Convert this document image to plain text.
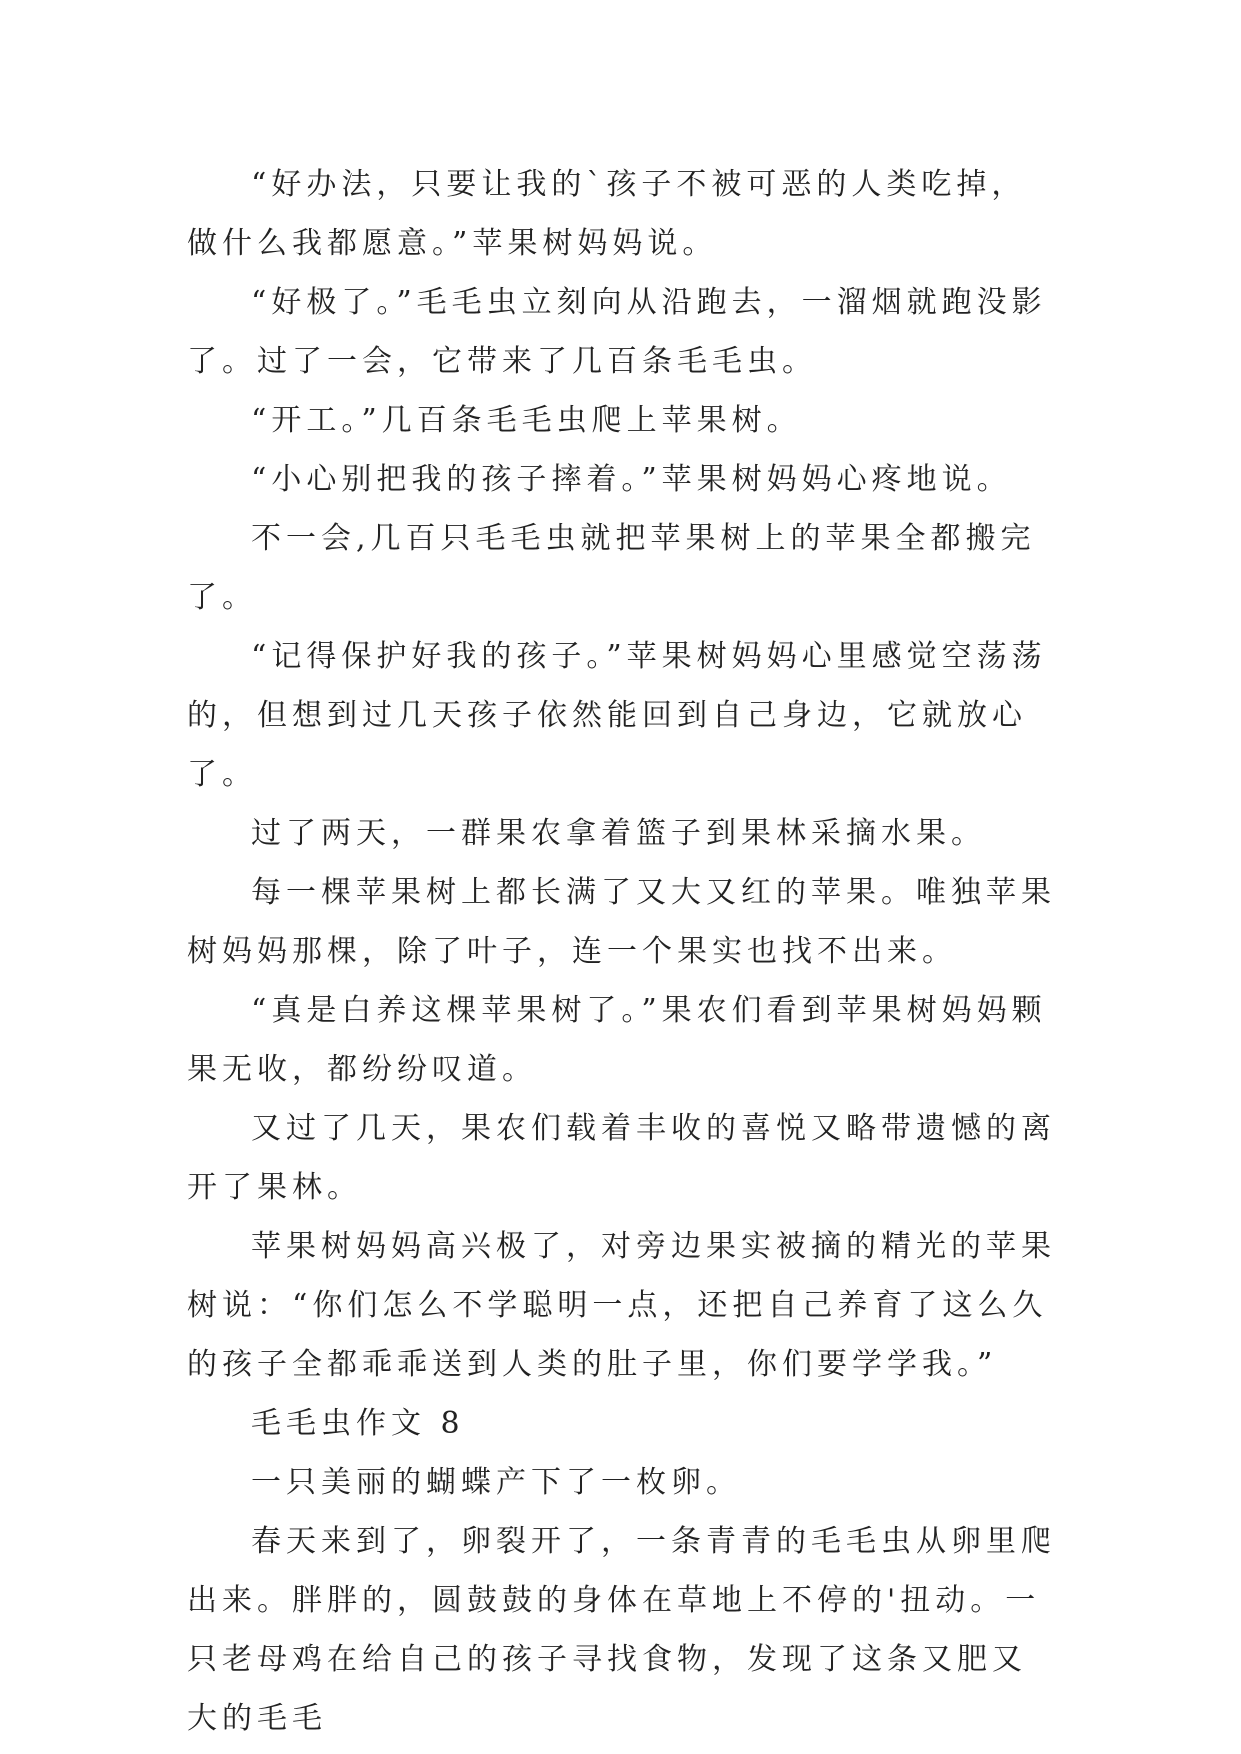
“好办法，只要让我的`孩子不被可恶的人类吃掉，做什么我都愿意。”苹果树妈妈说。

“好极了。”毛毛虫立刻向从沿跑去，一溜烟就跑没影了。过了一会，它带来了几百条毛毛虫。

“开工。”几百条毛毛虫爬上苹果树。

“小心别把我的孩子摔着。”苹果树妈妈心疼地说。

不一会,几百只毛毛虫就把苹果树上的苹果全都搬完了。

“记得保护好我的孩子。”苹果树妈妈心里感觉空荡荡的，但想到过几天孩子依然能回到自己身边，它就放心了。

过了两天，一群果农拿着篮子到果林采摘水果。

每一棵苹果树上都长满了又大又红的苹果。唯独苹果树妈妈那棵，除了叶子，连一个果实也找不出来。

“真是白养这棵苹果树了。”果农们看到苹果树妈妈颗果无收，都纷纷叹道。

又过了几天，果农们载着丰收的喜悦又略带遗憾的离开了果林。

苹果树妈妈高兴极了，对旁边果实被摘的精光的苹果树说：“你们怎么不学聪明一点，还把自己养育了这么久的孩子全都乖乖送到人类的肚子里，你们要学学我。”

毛毛虫作文 8

一只美丽的蝴蝶产下了一枚卵。

春天来到了，卵裂开了，一条青青的毛毛虫从卵里爬出来。胖胖的，圆鼓鼓的身体在草地上不停的'扭动。一只老母鸡在给自己的孩子寻找食物，发现了这条又肥又大的毛毛
